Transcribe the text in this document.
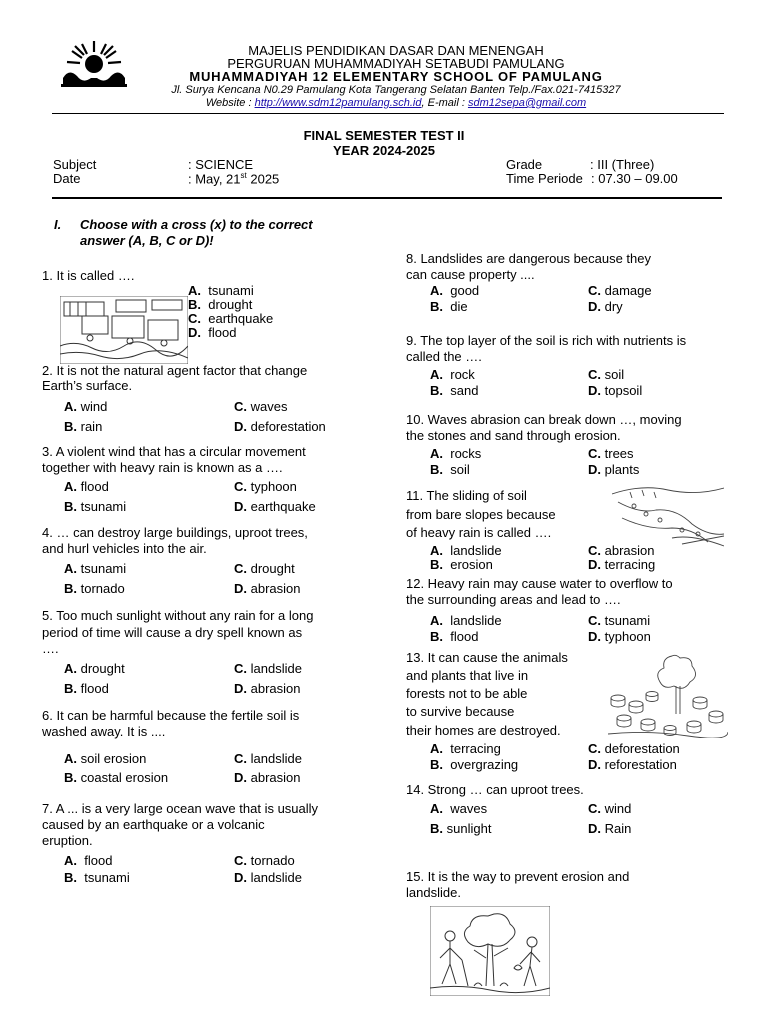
MAJELIS PENDIDIKAN DASAR DAN MENENGAH
PERGURUAN MUHAMMADIYAH SETABUDI PAMULANG
MUHAMMADIYAH 12 ELEMENTARY SCHOOL OF PAMULANG
Jl. Surya Kencana N0.29 Pamulang Kota Tangerang Selatan Banten Telp./Fax.021-7415327
Website : http://www.sdm12pamulang.sch.id, E-mail : sdm12sepa@gmail.com
FINAL SEMESTER TEST II
YEAR 2024-2025
Subject	: SCIENCE
Date	: May, 21st 2025
Grade	: III (Three)
Time Periode : 07.30 – 09.00
I. Choose with a cross (x) to the correct
answer (A, B, C or D)!
1. It is called ….
A. tsunami
B. drought
C. earthquake
D. flood
2. It is not the natural agent factor that change
Earth’s surface.
A. wind	C. waves
B. rain	D. deforestation
3. A violent wind that has a circular movement
together with heavy rain is known as a ….
A. flood	C. typhoon
B. tsunami	D. earthquake
4. … can destroy large buildings, uproot trees,
and hurl vehicles into the air.
A. tsunami	C. drought
B. tornado	D. abrasion
5. Too much sunlight without any rain for a long
period of time will cause a dry spell known as
….
A. drought	C. landslide
B. flood	D. abrasion
6. It can be harmful because the fertile soil is
washed away. It is ....
A. soil erosion	C. landslide
B. coastal erosion	D. abrasion
7. A ... is a very large ocean wave that is usually
caused by an earthquake or a volcanic
eruption.
A. flood	C. tornado
B. tsunami	D. landslide
8. Landslides are dangerous because they
can cause property ....
A. good	C. damage
B. die	D. dry
9. The top layer of the soil is rich with nutrients is
called the ….
A. rock	C. soil
B. sand	D. topsoil
10. Waves abrasion can break down …, moving
the stones and sand through erosion.
A. rocks	C. trees
B. soil	D. plants
11. The sliding of soil
from bare slopes because
of heavy rain is called ….
A. landslide	C. abrasion
B. erosion	D. terracing
12. Heavy rain may cause water to overflow to
the surrounding areas and lead to ….
A. landslide	C. tsunami
B. flood	D. typhoon
13. It can cause the animals
and plants that live in
forests not to be able
to survive because
their homes are destroyed.
A. terracing	C. deforestation
B. overgrazing	D. reforestation
14. Strong … can uproot trees.
A. waves	C. wind
B. sunlight	D. Rain
15. It is the way to prevent erosion and
landslide.
